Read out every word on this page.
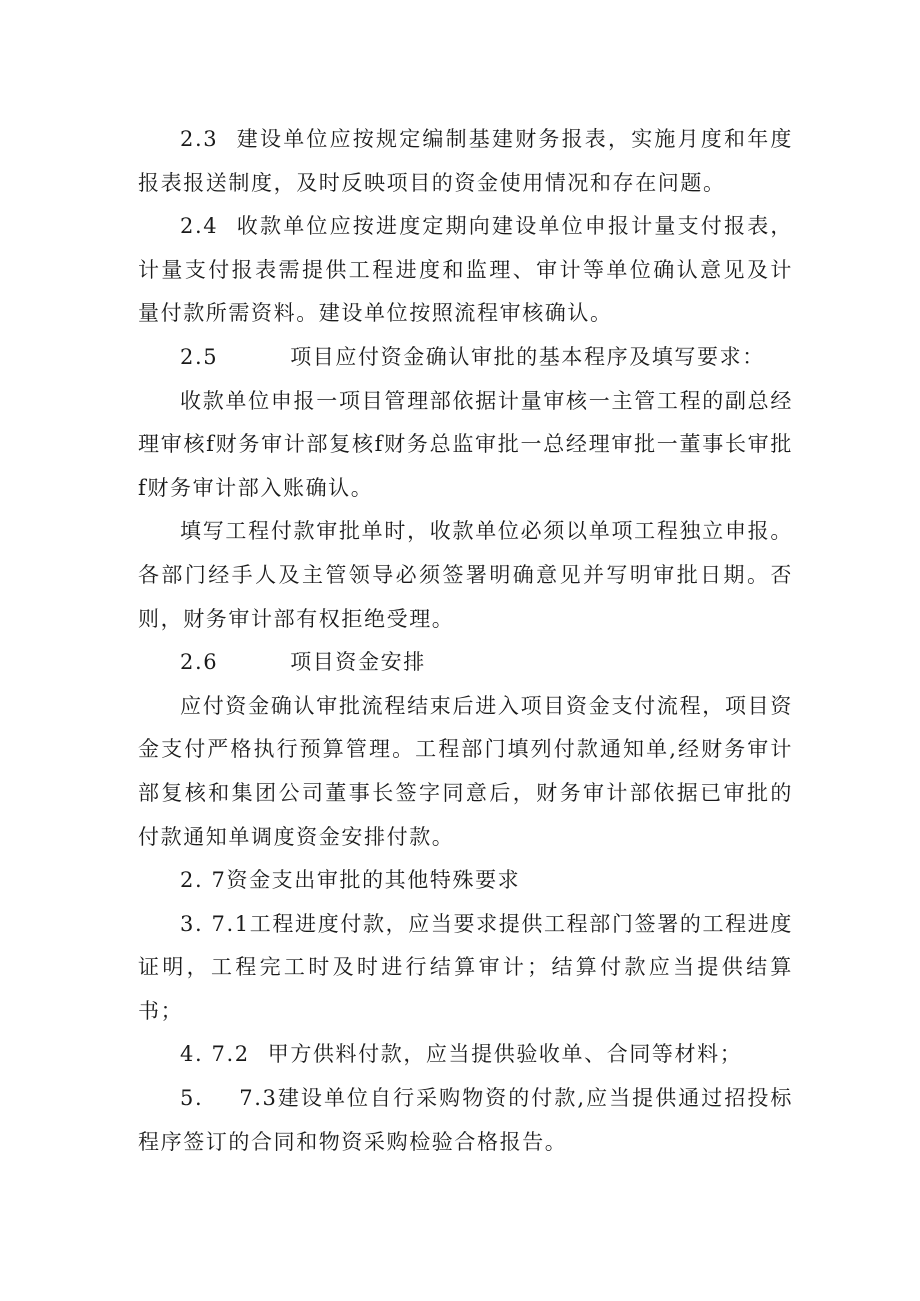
2.3 建设单位应按规定编制基建财务报表，实施月度和年度报表报送制度，及时反映项目的资金使用情况和存在问题。

2.4 收款单位应按进度定期向建设单位申报计量支付报表，计量支付报表需提供工程进度和监理、审计等单位确认意见及计量付款所需资料。建设单位按照流程审核确认。

2.5	项目应付资金确认审批的基本程序及填写要求：

收款单位申报一项目管理部依据计量审核一主管工程的副总经理审核f财务审计部复核f财务总监审批一总经理审批一董事长审批f财务审计部入账确认。

填写工程付款审批单时，收款单位必须以单项工程独立申报。各部门经手人及主管领导必须签署明确意见并写明审批日期。否则，财务审计部有权拒绝受理。

2.6	项目资金安排

应付资金确认审批流程结束后进入项目资金支付流程，项目资金支付严格执行预算管理。工程部门填列付款通知单,经财务审计部复核和集团公司董事长签字同意后，财务审计部依据已审批的付款通知单调度资金安排付款。

2. 7资金支出审批的其他特殊要求

3. 7.1工程进度付款，应当要求提供工程部门签署的工程进度证明，工程完工时及时进行结算审计；结算付款应当提供结算书；

4. 7.2 甲方供料付款，应当提供验收单、合同等材料；

5. 7.3建设单位自行采购物资的付款,应当提供通过招投标程序签订的合同和物资采购检验合格报告。
